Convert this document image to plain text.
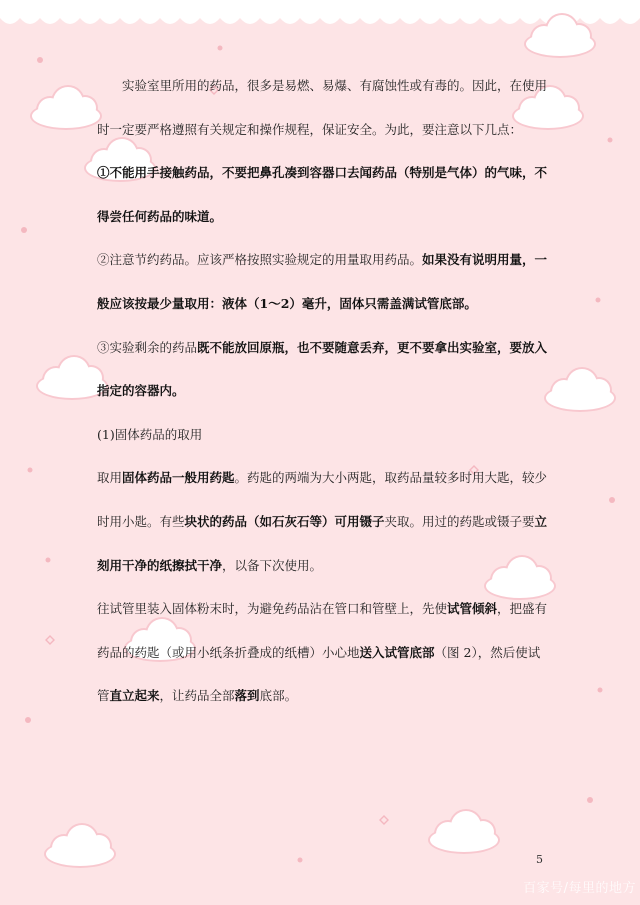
实验室里所用的药品，很多是易燃、易爆、有腐蚀性或有毒的。因此，在使用时一定要严格遵照有关规定和操作规程，保证安全。为此，要注意以下几点：

①不能用手接触药品，不要把鼻孔凑到容器口去闻药品（特别是气体）的气味，不得尝任何药品的味道。

②注意节约药品。应该严格按照实验规定的用量取用药品。如果没有说明用量，一般应该按最少量取用：液体（1～2）毫升，固体只需盖满试管底部。

③实验剩余的药品既不能放回原瓶，也不要随意丢弃，更不要拿出实验室，要放入指定的容器内。

(1)固体药品的取用

取用固体药品一般用药匙。药匙的两端为大小两匙，取药品量较多时用大匙，较少时用小匙。有些块状的药品（如石灰石等）可用镊子夹取。用过的药匙或镊子要立刻用干净的纸擦拭干净，以备下次使用。

往试管里装入固体粉末时，为避免药品沾在管口和管壁上，先使试管倾斜，把盛有药品的药匙（或用小纸条折叠成的纸槽）小心地送入试管底部（图 2），然后使试管直立起来，让药品全部落到底部。

5
百家号/每里的地方
